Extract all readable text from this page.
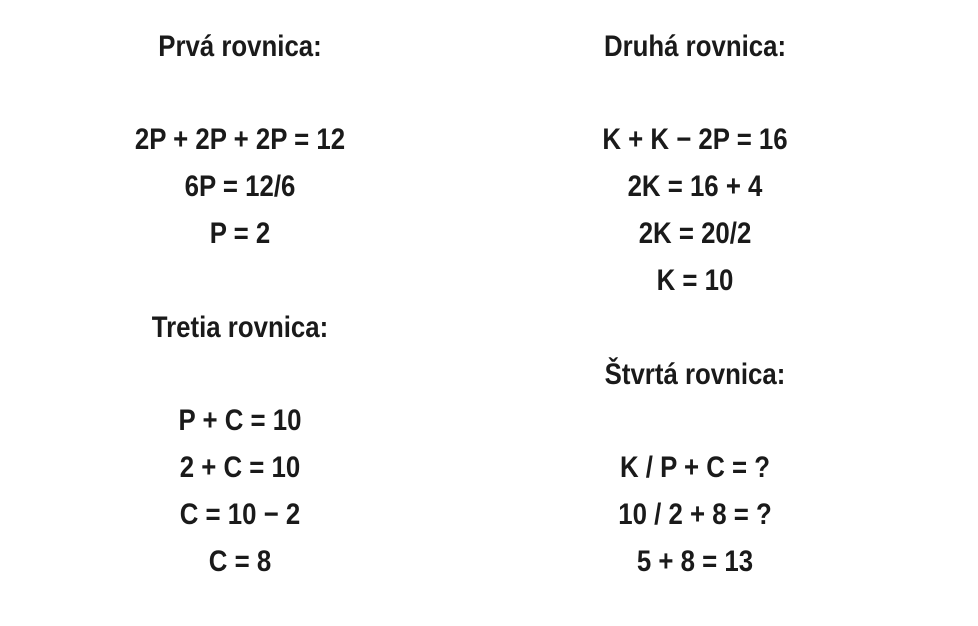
Prvá rovnica:
2P + 2P + 2P = 12
6P = 12/6
P = 2
Druhá rovnica:
K + K − 2P = 16
2K = 16 + 4
2K = 20/2
K = 10
Tretia rovnica:
P + C = 10
2 + C = 10
C = 10 − 2
C = 8
Štvrtá rovnica:
K / P + C = ?
10 / 2 + 8 = ?
5 + 8 = 13
